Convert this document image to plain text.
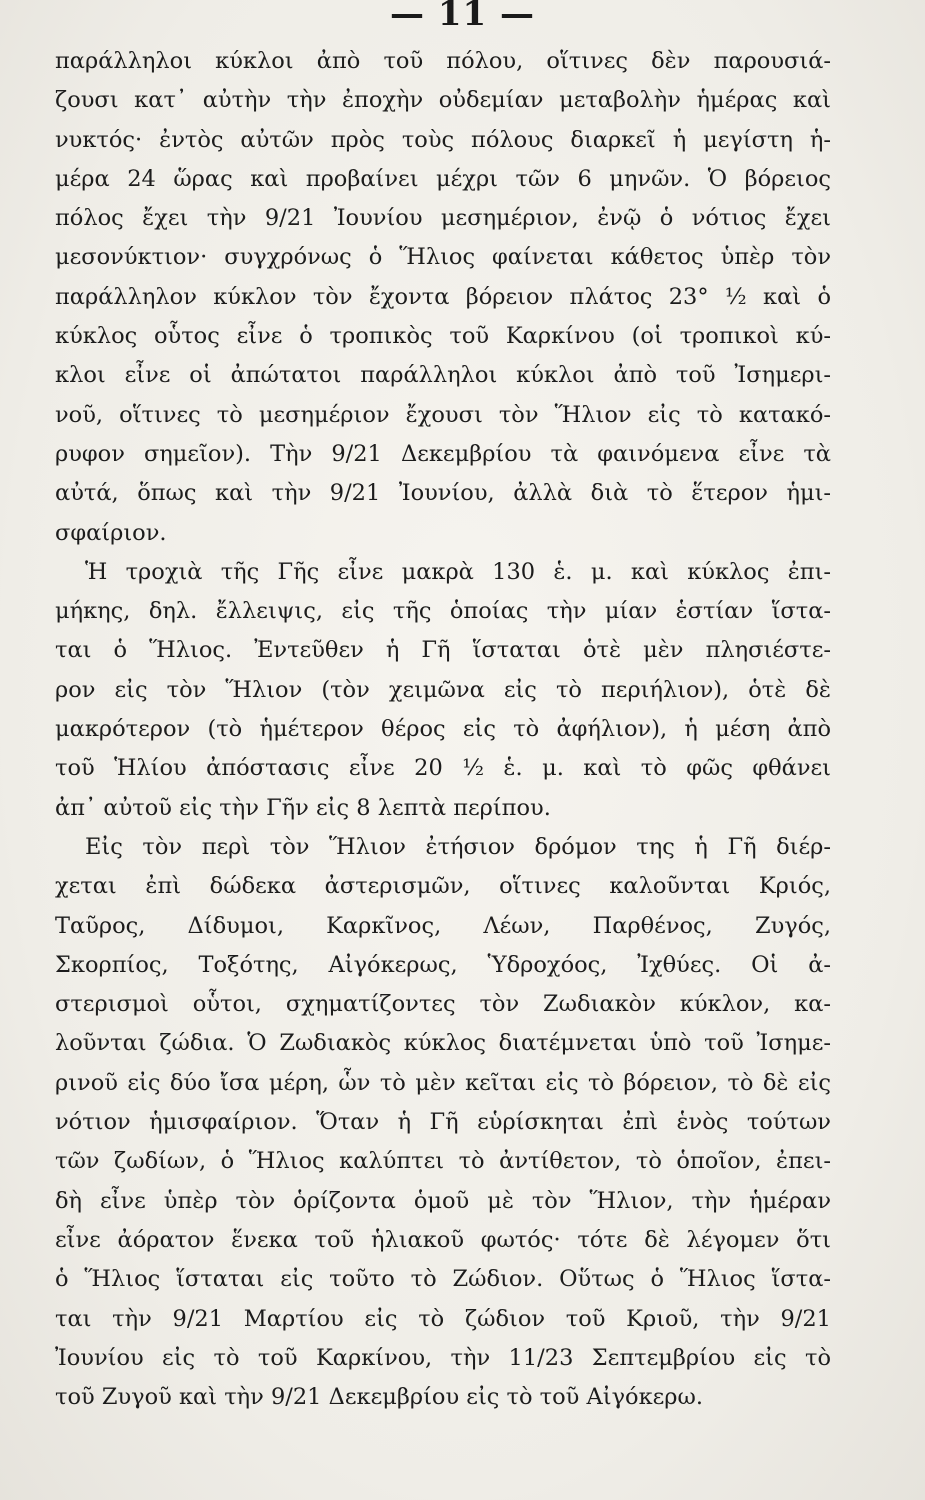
— 11 —
παράλληλοι κύκλοι ἀπὸ τοῦ πόλου, οἵτινες δὲν παρουσιά-
ζουσι κατ᾽ αὐτὴν τὴν ἐποχὴν οὐδεμίαν μεταβολὴν ἡμέρας καὶ
νυκτός· ἐντὸς αὐτῶν πρὸς τοὺς πόλους διαρκεῖ ἡ μεγίστη ἡ-
μέρα 24 ὥρας καὶ προβαίνει μέχρι τῶν 6 μηνῶν. Ὁ βόρειος
πόλος ἔχει τὴν 9/21 Ἰουνίου μεσημέριον, ἐνῷ ὁ νότιος ἔχει
μεσονύκτιον· συγχρόνως ὁ Ἥλιος φαίνεται κάθετος ὑπὲρ τὸν
παράλληλον κύκλον τὸν ἔχοντα βόρειον πλάτος 23° ½ καὶ ὁ
κύκλος οὗτος εἶνε ὁ τροπικὸς τοῦ Καρκίνου (οἱ τροπικοὶ κύ-
κλοι εἶνε οἱ ἀπώτατοι παράλληλοι κύκλοι ἀπὸ τοῦ Ἰσημερι-
νοῦ, οἵτινες τὸ μεσημέριον ἔχουσι τὸν Ἥλιον εἰς τὸ κατακό-
ρυφον σημεῖον). Τὴν 9/21 Δεκεμβρίου τὰ φαινόμενα εἶνε τὰ
αὐτά, ὅπως καὶ τὴν 9/21 Ἰουνίου, ἀλλὰ διὰ τὸ ἕτερον ἡμι-
σφαίριον.
Ἡ τροχιὰ τῆς Γῆς εἶνε μακρὰ 130 ἑ. μ. καὶ κύκλος ἐπι-
μήκης, δηλ. ἔλλειψις, εἰς τῆς ὁποίας τὴν μίαν ἑστίαν ἵστα-
ται ὁ Ἥλιος. Ἐντεῦθεν ἡ Γῆ ἵσταται ὁτὲ μὲν πλησιέστε-
ρον εἰς τὸν Ἥλιον (τὸν χειμῶνα εἰς τὸ περιήλιον), ὁτὲ δὲ
μακρότερον (τὸ ἡμέτερον θέρος εἰς τὸ ἀφήλιον), ἡ μέση ἀπὸ
τοῦ Ἡλίου ἀπόστασις εἶνε 20 ½ ἑ. μ. καὶ τὸ φῶς φθάνει
ἀπ᾽ αὐτοῦ εἰς τὴν Γῆν εἰς 8 λεπτὰ περίπου.
Εἰς τὸν περὶ τὸν Ἥλιον ἐτήσιον δρόμον της ἡ Γῆ διέρ-
χεται ἐπὶ δώδεκα ἀστερισμῶν, οἵτινες καλοῦνται Κριός,
Ταῦρος, Δίδυμοι, Καρκῖνος, Λέων, Παρθένος, Ζυγός,
Σκορπίος, Τοξότης, Αἰγόκερως, Ὑδροχόος, Ἰχθύες. Οἱ ἀ-
στερισμοὶ οὗτοι, σχηματίζοντες τὸν Ζωδιακὸν κύκλον, κα-
λοῦνται ζώδια. Ὁ Ζωδιακὸς κύκλος διατέμνεται ὑπὸ τοῦ Ἰσημε-
ρινοῦ εἰς δύο ἴσα μέρη, ὧν τὸ μὲν κεῖται εἰς τὸ βόρειον, τὸ δὲ εἰς
νότιον ἡμισφαίριον. Ὅταν ἡ Γῆ εὑρίσκηται ἐπὶ ἑνὸς τούτων
τῶν ζωδίων, ὁ Ἥλιος καλύπτει τὸ ἀντίθετον, τὸ ὁποῖον, ἐπει-
δὴ εἶνε ὑπὲρ τὸν ὁρίζοντα ὁμοῦ μὲ τὸν Ἥλιον, τὴν ἡμέραν
εἶνε ἀόρατον ἕνεκα τοῦ ἡλιακοῦ φωτός· τότε δὲ λέγομεν ὅτι
ὁ Ἥλιος ἵσταται εἰς τοῦτο τὸ Ζώδιον. Οὕτως ὁ Ἥλιος ἵστα-
ται τὴν 9/21 Μαρτίου εἰς τὸ ζώδιον τοῦ Κριοῦ, τὴν 9/21
Ἰουνίου εἰς τὸ τοῦ Καρκίνου, τὴν 11/23 Σεπτεμβρίου εἰς τὸ
τοῦ Ζυγοῦ καὶ τὴν 9/21 Δεκεμβρίου εἰς τὸ τοῦ Αἰγόκερω.
